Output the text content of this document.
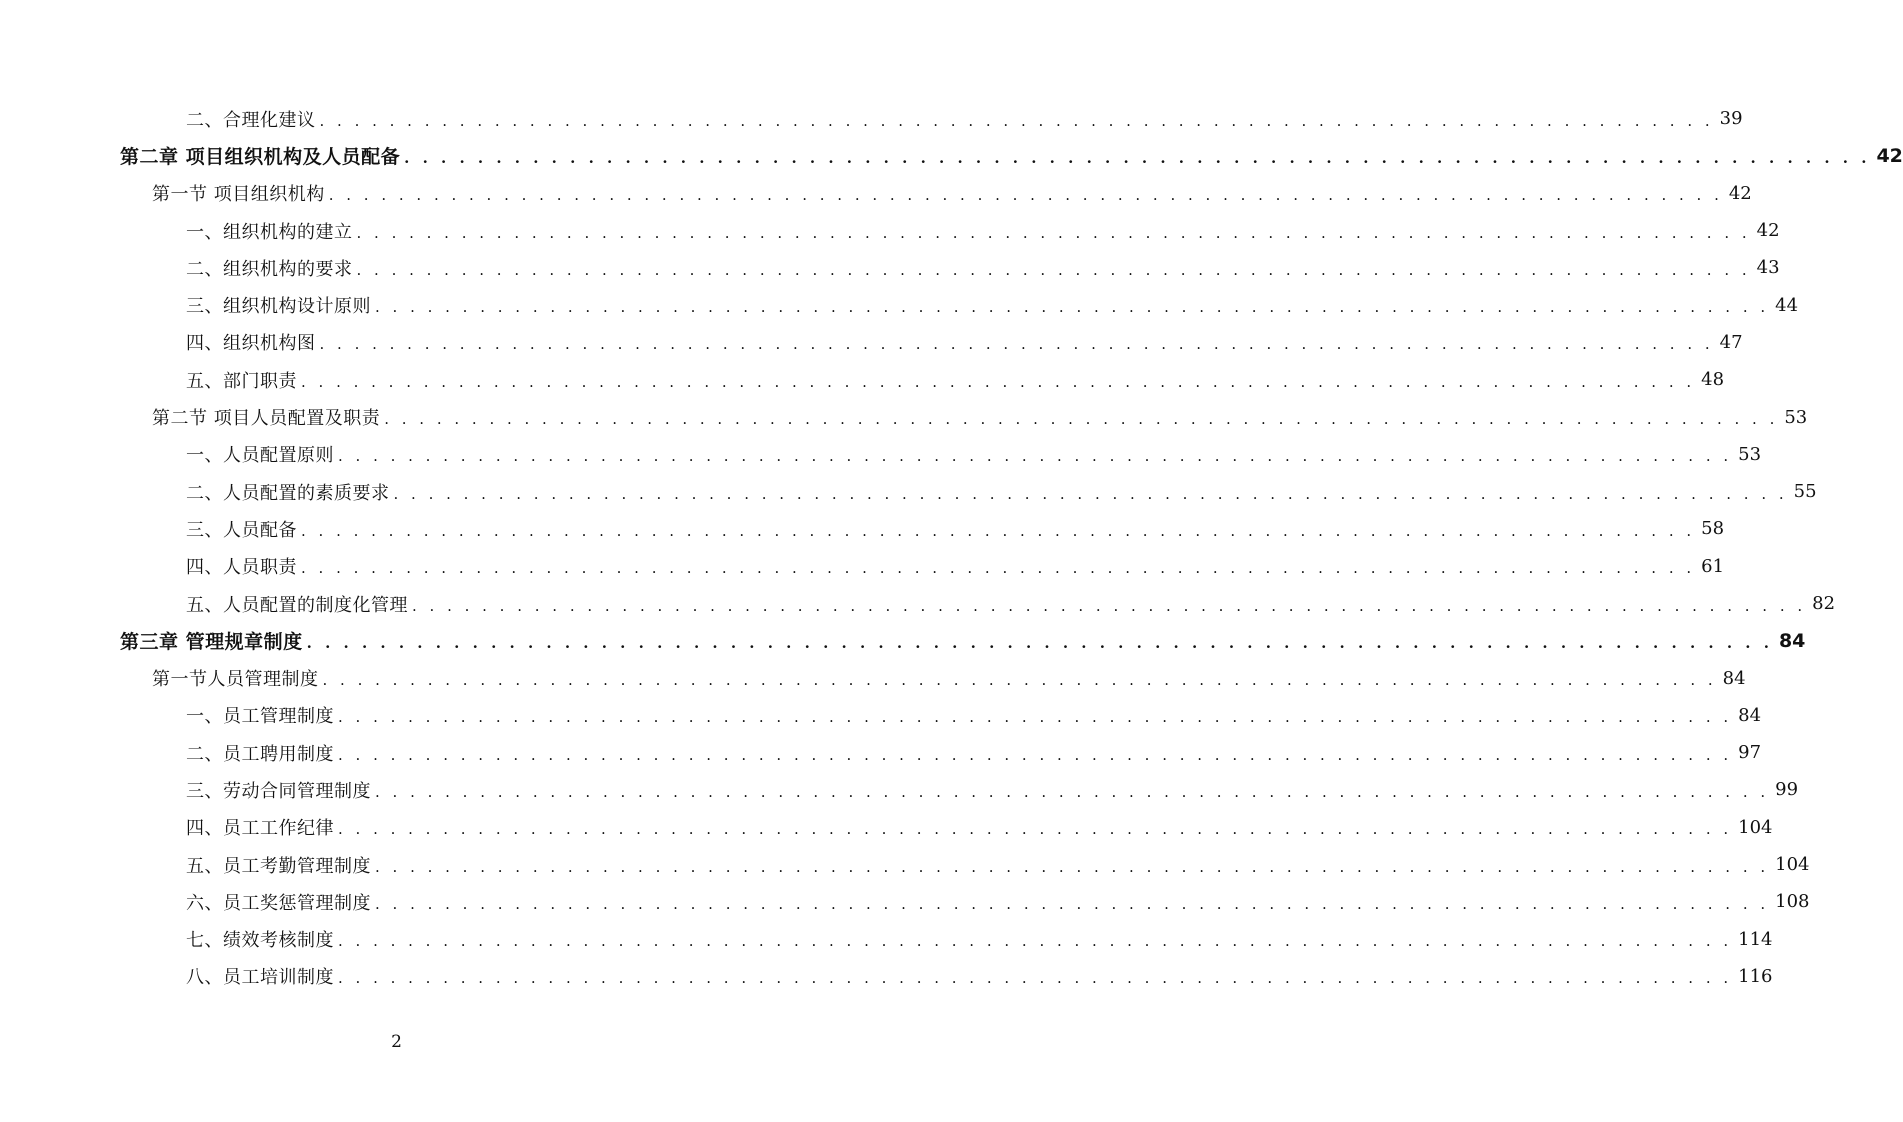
二、合理化建议 . . . . . . . . . . . . . . . . . . . . . . . . . . . . . . . . . . . . . . . . . . . . . . . . . . . . . . . . . . . . . . . . . . . . . . . . . . . . . . . . 39
第二章 项目组织机构及人员配备 . . . . . . . . . . . . . . . . . . . . . . . . . . . . . . . . . . . . . . . . . . . . . . . . . . . . . . . . . . . . . . . . . . . . . . . . . . . . . . . . 42
第一节 项目组织机构 . . . . . . . . . . . . . . . . . . . . . . . . . . . . . . . . . . . . . . . . . . . . . . . . . . . . . . . . . . . . . . . . . . . . . . . . . . . . . . . . 42
一、组织机构的建立 . . . . . . . . . . . . . . . . . . . . . . . . . . . . . . . . . . . . . . . . . . . . . . . . . . . . . . . . . . . . . . . . . . . . . . . . . . . . . . . . 42
二、组织机构的要求 . . . . . . . . . . . . . . . . . . . . . . . . . . . . . . . . . . . . . . . . . . . . . . . . . . . . . . . . . . . . . . . . . . . . . . . . . . . . . . . . 43
三、组织机构设计原则 . . . . . . . . . . . . . . . . . . . . . . . . . . . . . . . . . . . . . . . . . . . . . . . . . . . . . . . . . . . . . . . . . . . . . . . . . . . . . . . . 44
四、组织机构图 . . . . . . . . . . . . . . . . . . . . . . . . . . . . . . . . . . . . . . . . . . . . . . . . . . . . . . . . . . . . . . . . . . . . . . . . . . . . . . . . 47
五、部门职责 . . . . . . . . . . . . . . . . . . . . . . . . . . . . . . . . . . . . . . . . . . . . . . . . . . . . . . . . . . . . . . . . . . . . . . . . . . . . . . . . 48
第二节 项目人员配置及职责 . . . . . . . . . . . . . . . . . . . . . . . . . . . . . . . . . . . . . . . . . . . . . . . . . . . . . . . . . . . . . . . . . . . . . . . . . . . . . . . . 53
一、人员配置原则 . . . . . . . . . . . . . . . . . . . . . . . . . . . . . . . . . . . . . . . . . . . . . . . . . . . . . . . . . . . . . . . . . . . . . . . . . . . . . . . . 53
二、人员配置的素质要求 . . . . . . . . . . . . . . . . . . . . . . . . . . . . . . . . . . . . . . . . . . . . . . . . . . . . . . . . . . . . . . . . . . . . . . . . . . . . . . . . 55
三、人员配备 . . . . . . . . . . . . . . . . . . . . . . . . . . . . . . . . . . . . . . . . . . . . . . . . . . . . . . . . . . . . . . . . . . . . . . . . . . . . . . . . 58
四、人员职责 . . . . . . . . . . . . . . . . . . . . . . . . . . . . . . . . . . . . . . . . . . . . . . . . . . . . . . . . . . . . . . . . . . . . . . . . . . . . . . . . 61
五、人员配置的制度化管理 . . . . . . . . . . . . . . . . . . . . . . . . . . . . . . . . . . . . . . . . . . . . . . . . . . . . . . . . . . . . . . . . . . . . . . . . . . . . . . . . 82
第三章 管理规章制度 . . . . . . . . . . . . . . . . . . . . . . . . . . . . . . . . . . . . . . . . . . . . . . . . . . . . . . . . . . . . . . . . . . . . . . . . . . . . . . . . 84
第一节人员管理制度 . . . . . . . . . . . . . . . . . . . . . . . . . . . . . . . . . . . . . . . . . . . . . . . . . . . . . . . . . . . . . . . . . . . . . . . . . . . . . . . . 84
一、员工管理制度 . . . . . . . . . . . . . . . . . . . . . . . . . . . . . . . . . . . . . . . . . . . . . . . . . . . . . . . . . . . . . . . . . . . . . . . . . . . . . . . . 84
二、员工聘用制度 . . . . . . . . . . . . . . . . . . . . . . . . . . . . . . . . . . . . . . . . . . . . . . . . . . . . . . . . . . . . . . . . . . . . . . . . . . . . . . . . 97
三、劳动合同管理制度 . . . . . . . . . . . . . . . . . . . . . . . . . . . . . . . . . . . . . . . . . . . . . . . . . . . . . . . . . . . . . . . . . . . . . . . . . . . . . . . . 99
四、员工工作纪律 . . . . . . . . . . . . . . . . . . . . . . . . . . . . . . . . . . . . . . . . . . . . . . . . . . . . . . . . . . . . . . . . . . . . . . . . . . . . . . . . 104
五、员工考勤管理制度 . . . . . . . . . . . . . . . . . . . . . . . . . . . . . . . . . . . . . . . . . . . . . . . . . . . . . . . . . . . . . . . . . . . . . . . . . . . . . . . . 104
六、员工奖惩管理制度 . . . . . . . . . . . . . . . . . . . . . . . . . . . . . . . . . . . . . . . . . . . . . . . . . . . . . . . . . . . . . . . . . . . . . . . . . . . . . . . . 108
七、绩效考核制度 . . . . . . . . . . . . . . . . . . . . . . . . . . . . . . . . . . . . . . . . . . . . . . . . . . . . . . . . . . . . . . . . . . . . . . . . . . . . . . . . 114
八、员工培训制度 . . . . . . . . . . . . . . . . . . . . . . . . . . . . . . . . . . . . . . . . . . . . . . . . . . . . . . . . . . . . . . . . . . . . . . . . . . . . . . . . 116
2
